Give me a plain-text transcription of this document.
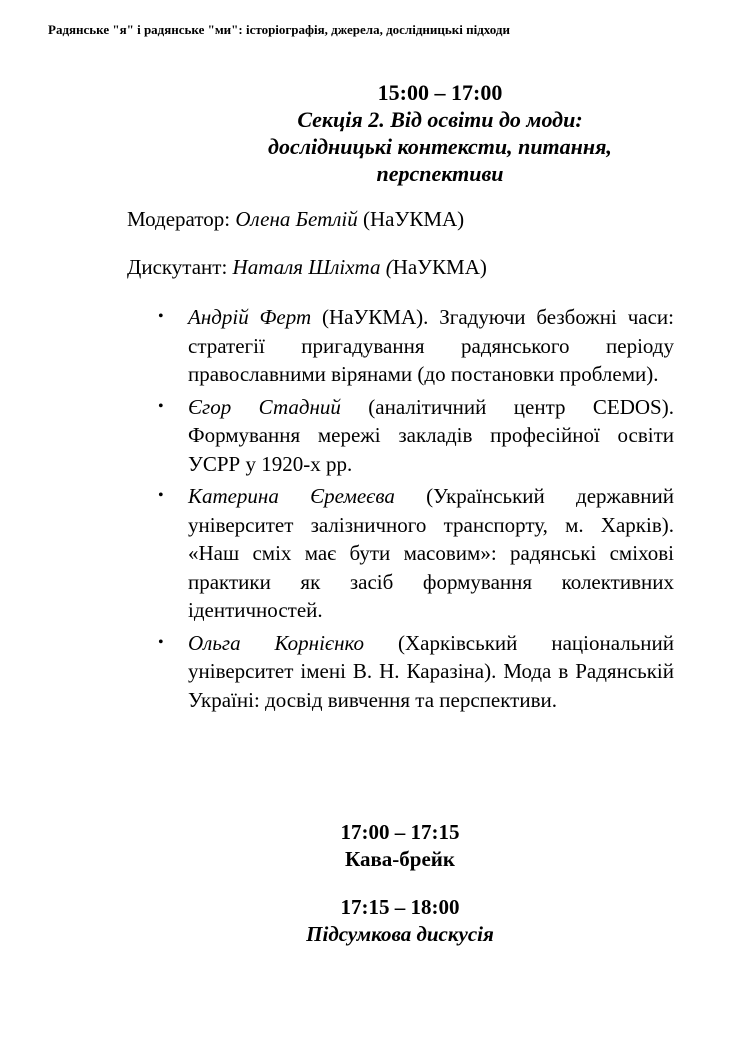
Радянське "я" і радянське "ми": історіографія, джерела, дослідницькі підходи
15:00 – 17:00
Секція 2. Від освіти до моди:
дослідницькі контексти, питання,
перспективи
Модератор: Олена Бетлій (НаУКМА)
Дискутант: Наталя Шліхта (НаУКМА)
• Андрій Ферт (НаУКМА). Згадуючи безбожні часи: стратегії пригадування радянського періоду православними вірянами (до постановки проблеми).
• Єгор Стадний (аналітичний центр CEDOS). Формування мережі закладів професійної освіти УСРР у 1920-х рр.
• Катерина Єремеєва (Український державний університет залізничного транспорту, м. Харків). «Наш сміх має бути масовим»: радянські сміхові практики як засіб формування колективних ідентичностей.
• Ольга Корнієнко (Харківський національний університет імені В. Н. Каразіна). Мода в Радянській Україні: досвід вивчення та перспективи.
17:00 – 17:15
Кава-брейк
17:15 – 18:00
Підсумкова дискусія
